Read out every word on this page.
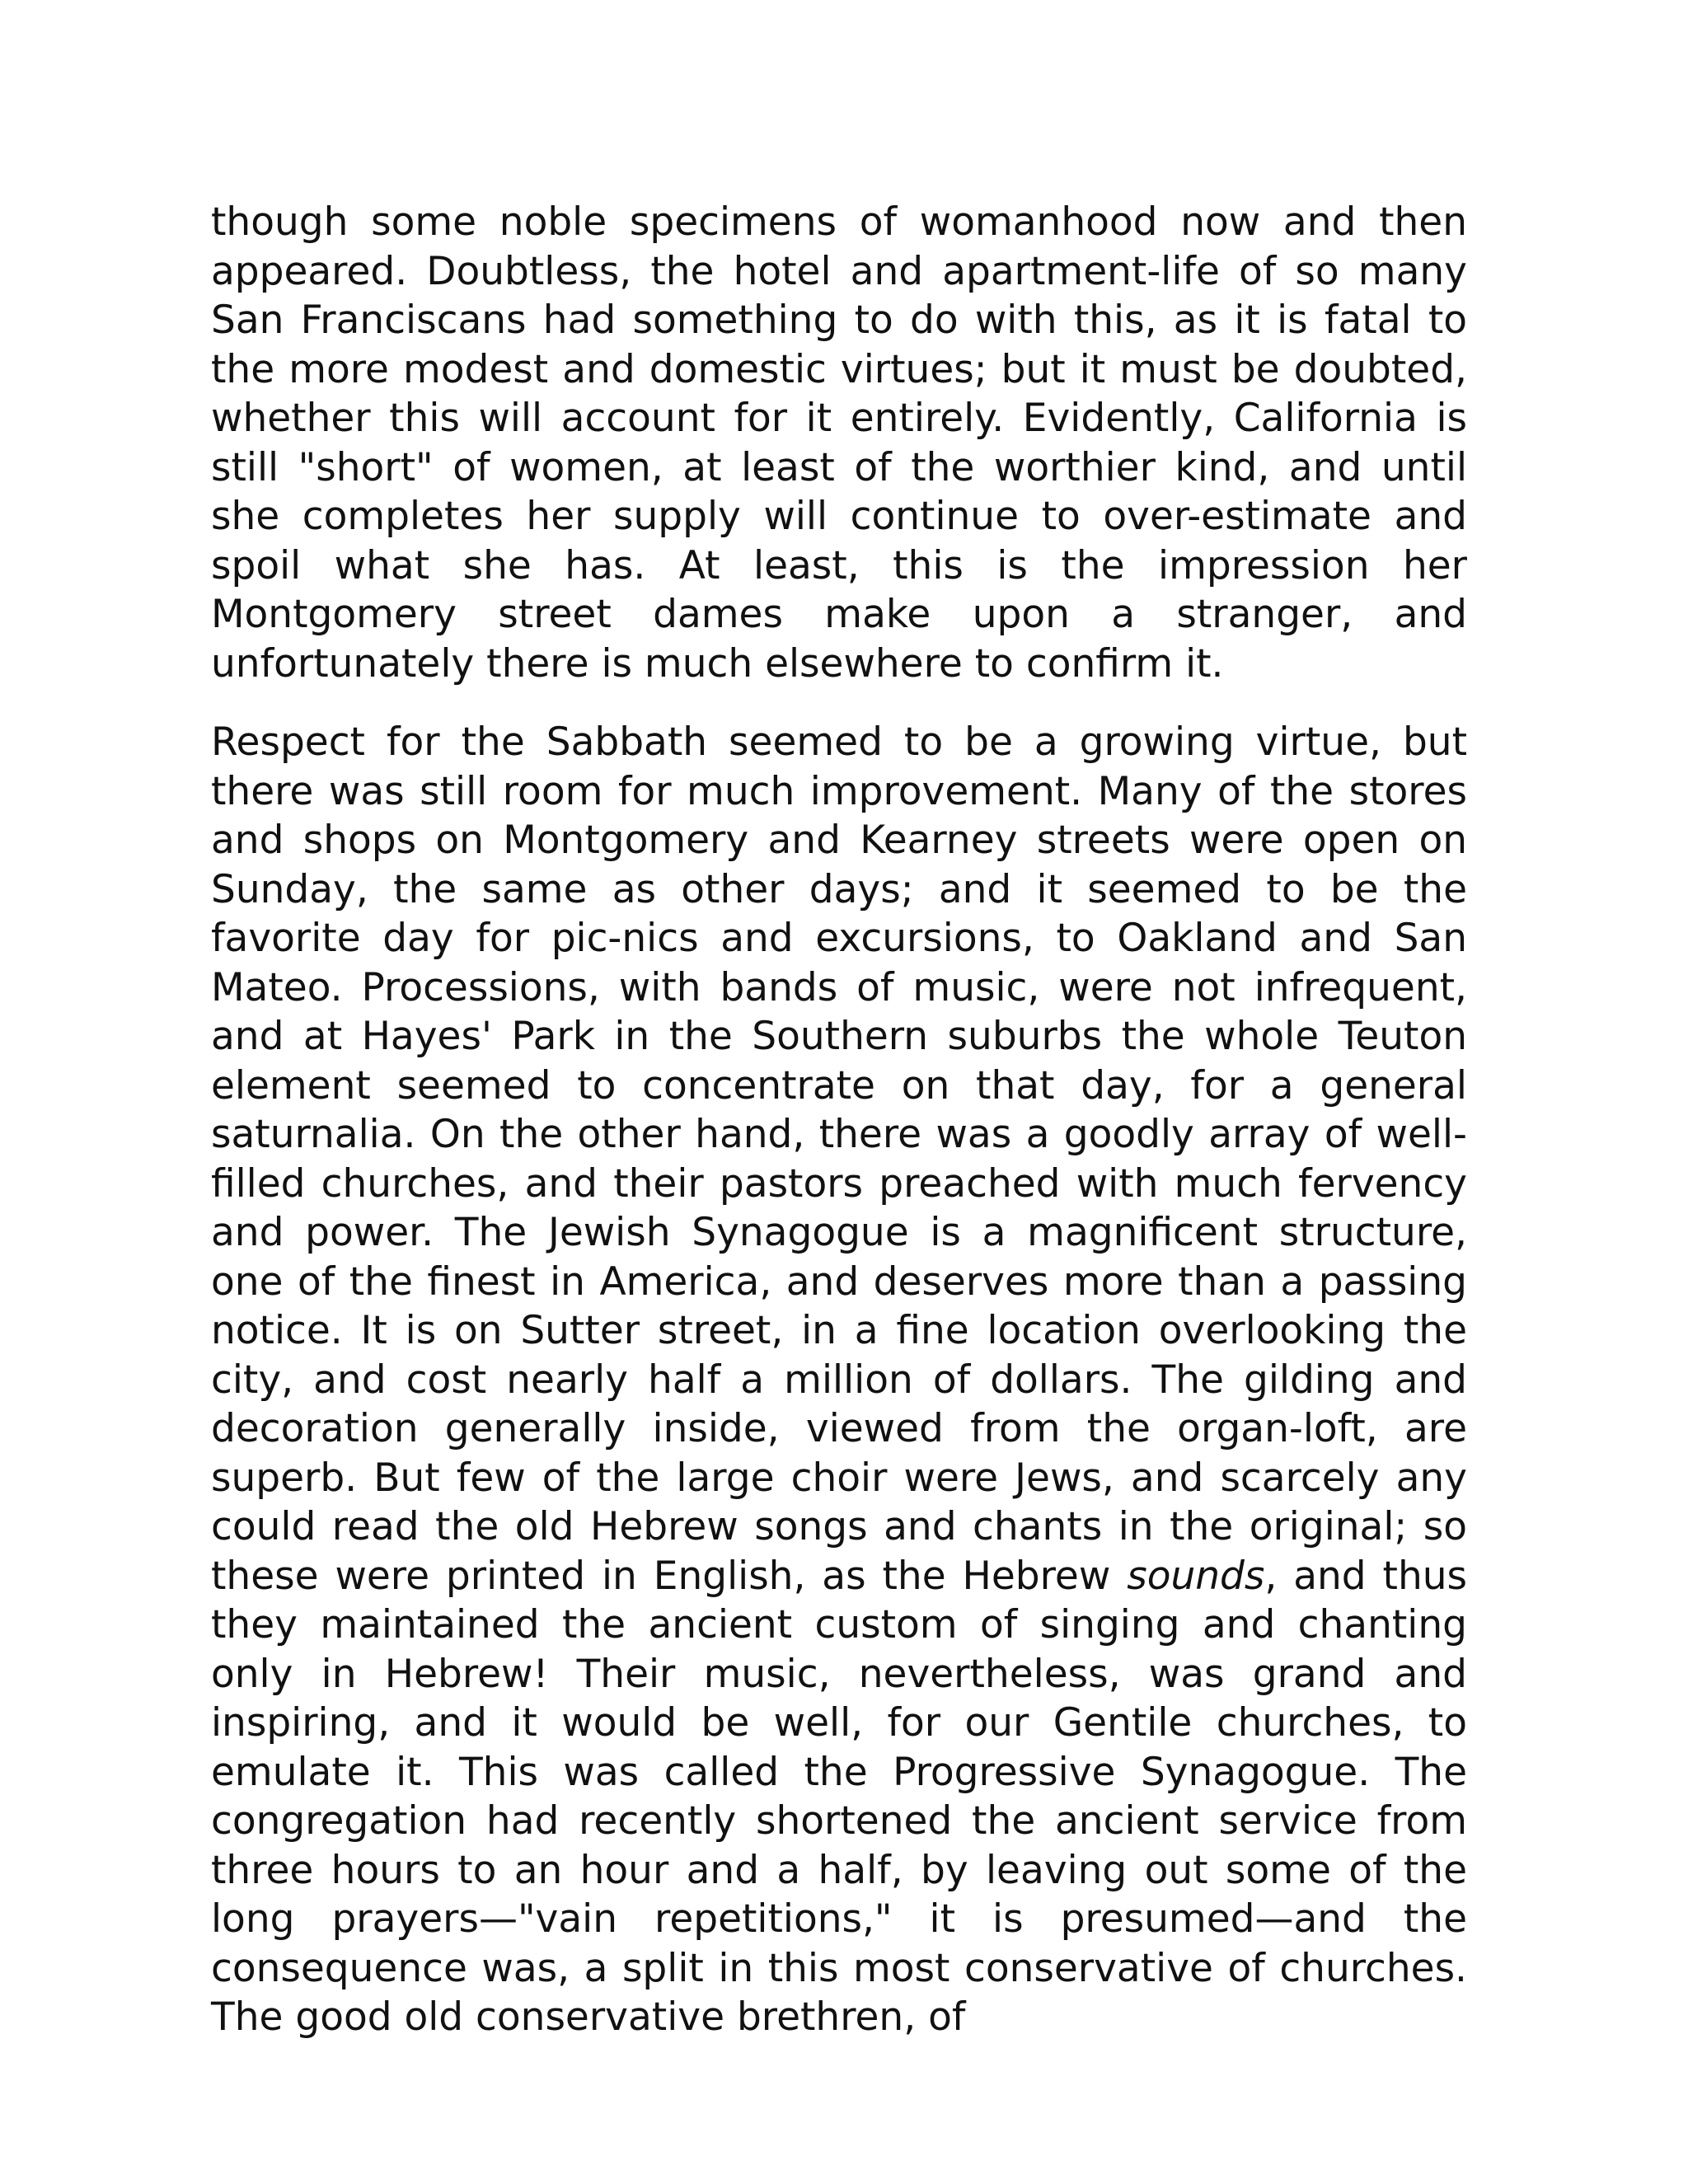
though some noble specimens of womanhood now and then appeared. Doubtless, the hotel and apartment-life of so many San Franciscans had something to do with this, as it is fatal to the more modest and domestic virtues; but it must be doubted, whether this will account for it entirely. Evidently, California is still "short" of women, at least of the worthier kind, and until she completes her supply will continue to over-estimate and spoil what she has. At least, this is the impression her Montgomery street dames make upon a stranger, and unfortunately there is much elsewhere to confirm it.

Respect for the Sabbath seemed to be a growing virtue, but there was still room for much improvement. Many of the stores and shops on Montgomery and Kearney streets were open on Sunday, the same as other days; and it seemed to be the favorite day for pic-nics and excursions, to Oakland and San Mateo. Processions, with bands of music, were not infrequent, and at Hayes' Park in the Southern suburbs the whole Teuton element seemed to concentrate on that day, for a general saturnalia. On the other hand, there was a goodly array of well-filled churches, and their pastors preached with much fervency and power. The Jewish Synagogue is a magnificent structure, one of the finest in America, and deserves more than a passing notice. It is on Sutter street, in a fine location overlooking the city, and cost nearly half a million of dollars. The gilding and decoration generally inside, viewed from the organ-loft, are superb. But few of the large choir were Jews, and scarcely any could read the old Hebrew songs and chants in the original; so these were printed in English, as the Hebrew sounds, and thus they maintained the ancient custom of singing and chanting only in Hebrew! Their music, nevertheless, was grand and inspiring, and it would be well, for our Gentile churches, to emulate it. This was called the Progressive Synagogue. The congregation had recently shortened the ancient service from three hours to an hour and a half, by leaving out some of the long prayers—"vain repetitions," it is presumed—and the consequence was, a split in this most conservative of churches. The good old conservative brethren, of
